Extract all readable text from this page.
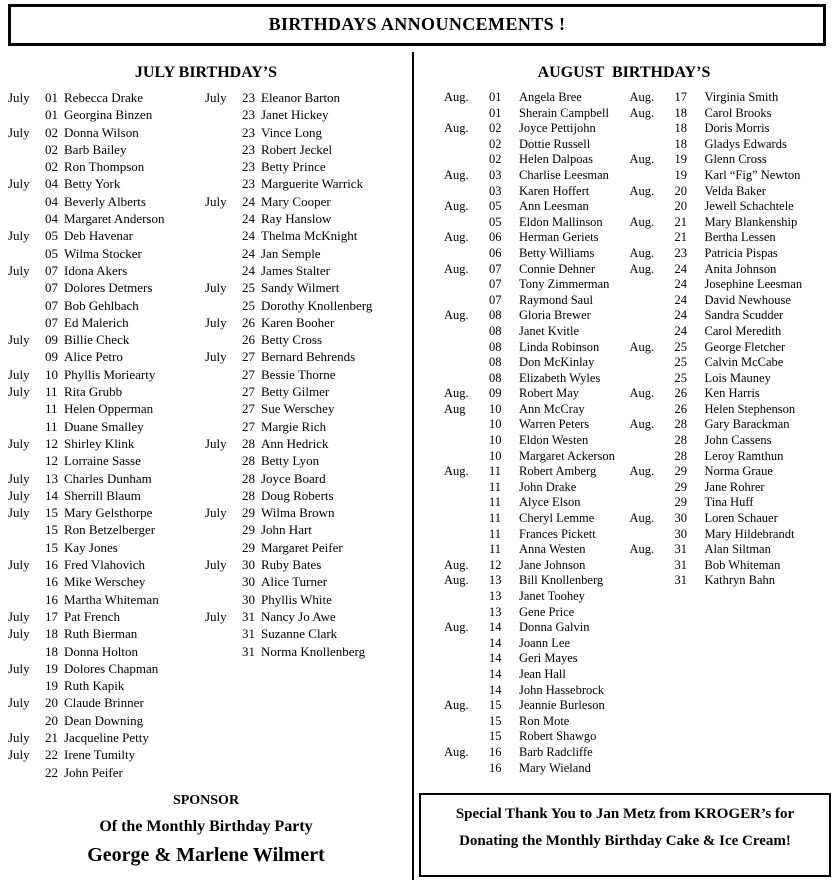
BIRTHDAYS ANNOUNCEMENTS !
JULY BIRTHDAY’S
July	01 Rebecca Drake
01 Georgina Binzen
July	02 Donna Wilson
02 Barb Bailey
02 Ron Thompson
July	04 Betty York
04 Beverly Alberts
04 Margaret Anderson
July	05 Deb Havenar
05 Wilma Stocker
July	07 Idona Akers
07 Dolores Detmers
07 Bob Gehlbach
07 Ed Malerich
July	09 Billie Check
09 Alice Petro
July	10 Phyllis Moriearty
July	11 Rita Grubb
11 Helen Opperman
11 Duane Smalley
July	12 Shirley Klink
12 Lorraine Sasse
July	13 Charles Dunham
July	14 Sherrill Blaum
July	15 Mary Gelsthorpe
15 Ron Betzelberger
15 Kay Jones
July	16 Fred Vlahovich
16 Mike Werschey
16 Martha Whiteman
July	17 Pat French
July	18 Ruth Bierman
18 Donna Holton
July	19 Dolores Chapman
19 Ruth Kapik
July	20 Claude Brinner
20 Dean Downing
July	21 Jacqueline Petty
July	22 Irene Tumilty
22 John Peifer
July	23 Eleanor Barton
23 Janet Hickey
23 Vince Long
23 Robert Jeckel
23 Betty Prince
23 Marguerite Warrick
July	24 Mary Cooper
24 Ray Hanslow
24 Thelma McKnight
24 Jan Semple
24 James Stalter
July	25 Sandy Wilmert
25 Dorothy Knollenberg
July	26 Karen Booher
26 Betty Cross
July	27 Bernard Behrends
27 Bessie Thorne
27 Betty Gilmer
27 Sue Werschey
27 Margie Rich
July	28 Ann Hedrick
28 Betty Lyon
28 Joyce Board
28 Doug Roberts
July	29 Wilma Brown
29 John Hart
29 Margaret Peifer
July	30 Ruby Bates
30 Alice Turner
30 Phyllis White
July	31 Nancy Jo Awe
31 Suzanne Clark
31 Norma Knollenberg
SPONSOR
Of the Monthly Birthday Party
George & Marlene Wilmert
AUGUST  BIRTHDAY’S
Aug.	01	Angela Bree
01	Sherain Campbell
Aug.	02	Joyce Pettijohn
02	Dottie Russell
02	Helen Dalpoas
Aug.	03	Charlise Leesman
03	Karen Hoffert
Aug.	05	Ann Leesman
05	Eldon Mallinson
Aug.	06	Herman Geriets
06	Betty Williams
Aug.	07	Connie Dehner
07	Tony Zimmerman
07	Raymond Saul
Aug.	08	Gloria Brewer
08	Janet Kvitle
08	Linda Robinson
08	Don McKinlay
08	Elizabeth Wyles
Aug.	09	Robert May
Aug	10	Ann McCray
10	Warren Peters
10	Eldon Westen
10	Margaret Ackerson
Aug.	11	Robert Amberg
11	John Drake
11	Alyce Elson
11	Cheryl Lemme
11	Frances Pickett
11	Anna Westen
Aug.	12	Jane Johnson
Aug.	13	Bill Knollenberg
13	Janet Toohey
13	Gene Price
Aug.	14	Donna Galvin
14	Joann Lee
14	Geri Mayes
14	Jean Hall
14	John Hassebrock
Aug.	15	Jeannie Burleson
15	Ron Mote
15	Robert Shawgo
Aug.	16	Barb Radcliffe
16	Mary Wieland
Aug.	17	Virginia Smith
Aug.	18	Carol Brooks
18	Doris Morris
18	Gladys Edwards
Aug.	19	Glenn Cross
19	Karl “Fig” Newton
Aug.	20	Velda Baker
20	Jewell Schachtele
Aug.	21	Mary Blankenship
21	Bertha Lessen
Aug.	23	Patricia Pispas
Aug.	24	Anita Johnson
24	Josephine Leesman
24	David Newhouse
24	Sandra Scudder
24	Carol Meredith
Aug.	25	George Fletcher
25	Calvin McCabe
25	Lois Mauney
Aug.	26	Ken Harris
26	Helen Stephenson
Aug.	28	Gary Barackman
28	John Cassens
28	Leroy Ramthun
Aug.	29	Norma Graue
29	Jane Rohrer
29	Tina Huff
Aug.	30	Loren Schauer
30	Mary Hildebrandt
Aug.	31	Alan Siltman
31	Bob Whiteman
31	Kathryn Bahn
Special Thank You to Jan Metz from KROGER’s for
Donating the Monthly Birthday Cake & Ice Cream!
